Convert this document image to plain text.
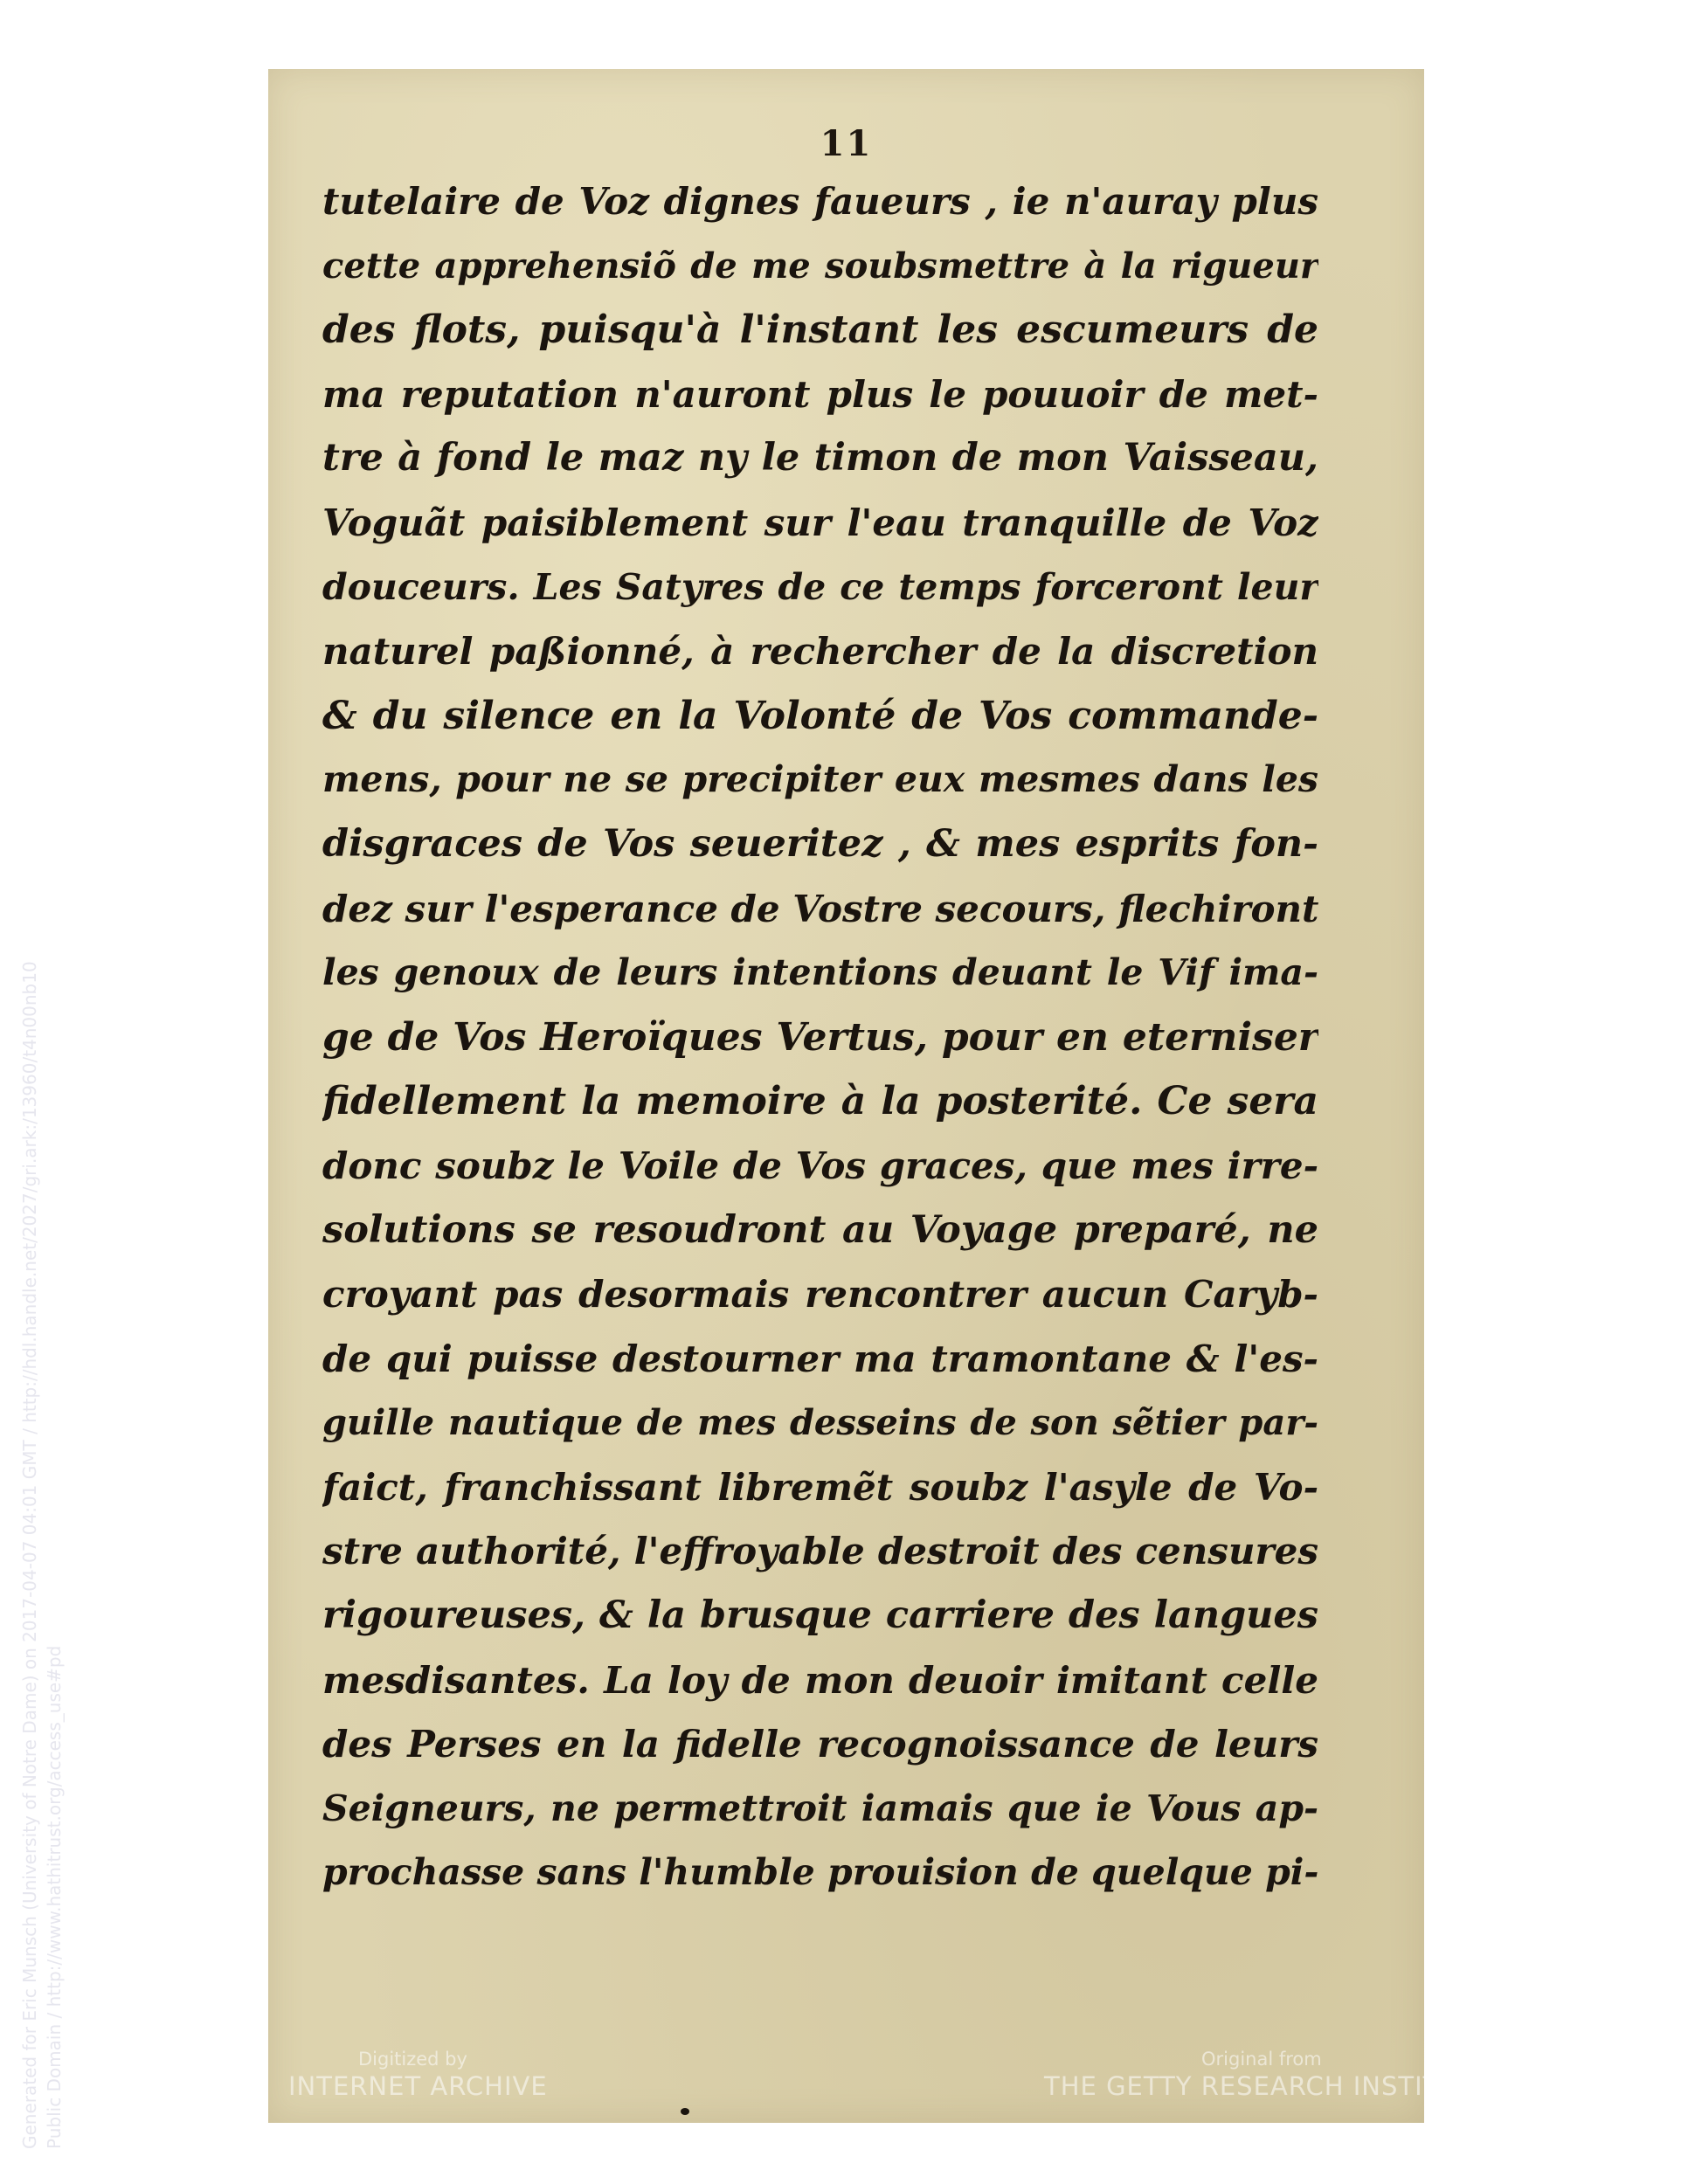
Generated for Eric Munsch (University of Notre Dame) on 2017-04-07 04:01 GMT / http://hdl.handle.net/2027/gri.ark:/13960/t4n00nb10 Public Domain / http://www.hathitrust.org/access_use#pd
11
tutelaire de Voz dignes faueurs , ie n'auray plus
cette apprehensiõ de me soubsmettre à la rigueur
des flots, puisqu'à l'instant les escumeurs de
ma reputation n'auront plus le pouuoir de met-
tre à fond le maz ny le timon de mon Vaisseau,
Voguãt paisiblement sur l'eau tranquille de Voz
douceurs. Les Satyres de ce temps forceront leur
naturel paßionné, à rechercher de la discretion
& du silence en la Volonté de Vos commande-
mens, pour ne se precipiter eux mesmes dans les
disgraces de Vos seueritez , & mes esprits fon-
dez sur l'esperance de Vostre secours, flechiront
les genoux de leurs intentions deuant le Vif ima-
ge de Vos Heroïques Vertus, pour en eterniser
fidellement la memoire à la posterité. Ce sera
donc soubz le Voile de Vos graces, que mes irre-
solutions se resoudront au Voyage preparé, ne
croyant pas desormais rencontrer aucun Caryb-
de qui puisse destourner ma tramontane & l'es-
guille nautique de mes desseins de son sẽtier par-
faict, franchissant libremẽt soubz l'asyle de Vo-
stre authorité, l'effroyable destroit des censures
rigoureuses, & la brusque carriere des langues
mesdisantes. La loy de mon deuoir imitant celle
des Perses en la fidelle recognoissance de leurs
Seigneurs, ne permettroit iamais que ie Vous ap-
prochasse sans l'humble prouision de quelque pi-
Digitized by
INTERNET ARCHIVE
Original from
THE GETTY RESEARCH INSTITUTE
